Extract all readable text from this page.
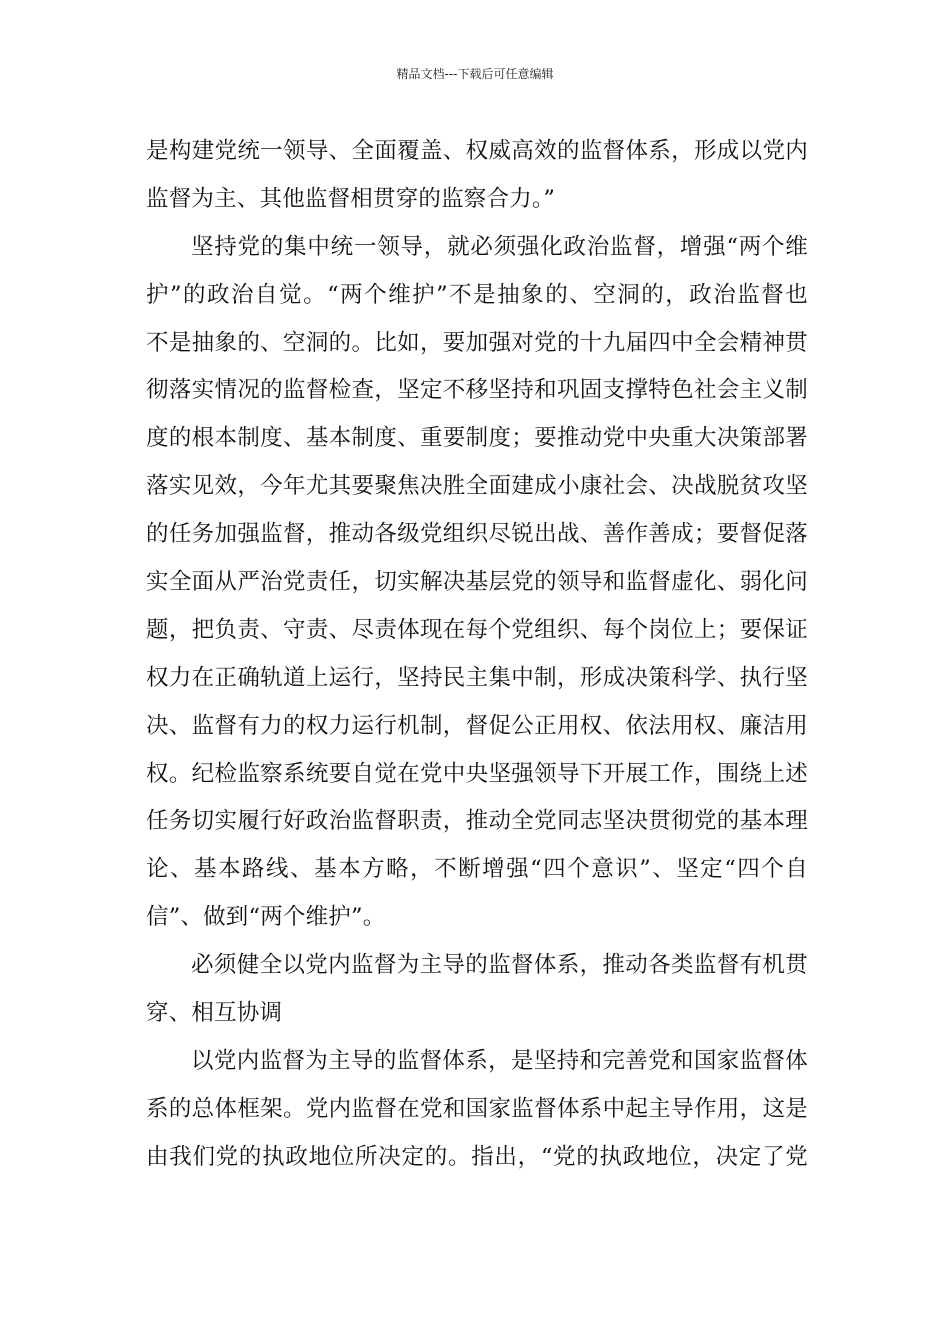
精品文档---下载后可任意编辑
是构建党统一领导、全面覆盖、权威高效的监督体系，形成以党内
监督为主、其他监督相贯穿的监察合力。”
坚持党的集中统一领导，就必须强化政治监督，增强“两个维
护”的政治自觉。“两个维护”不是抽象的、空洞的，政治监督也
不是抽象的、空洞的。比如，要加强对党的十九届四中全会精神贯
彻落实情况的监督检查，坚定不移坚持和巩固支撑特色社会主义制
度的根本制度、基本制度、重要制度；要推动党中央重大决策部署
落实见效，今年尤其要聚焦决胜全面建成小康社会、决战脱贫攻坚
的任务加强监督，推动各级党组织尽锐出战、善作善成；要督促落
实全面从严治党责任，切实解决基层党的领导和监督虚化、弱化问
题，把负责、守责、尽责体现在每个党组织、每个岗位上；要保证
权力在正确轨道上运行，坚持民主集中制，形成决策科学、执行坚
决、监督有力的权力运行机制，督促公正用权、依法用权、廉洁用
权。纪检监察系统要自觉在党中央坚强领导下开展工作，围绕上述
任务切实履行好政治监督职责，推动全党同志坚决贯彻党的基本理
论、基本路线、基本方略，不断增强“四个意识”、坚定“四个自
信”、做到“两个维护”。
必须健全以党内监督为主导的监督体系，推动各类监督有机贯
穿、相互协调
以党内监督为主导的监督体系，是坚持和完善党和国家监督体
系的总体框架。党内监督在党和国家监督体系中起主导作用，这是
由我们党的执政地位所决定的。指出，“党的执政地位，决定了党
